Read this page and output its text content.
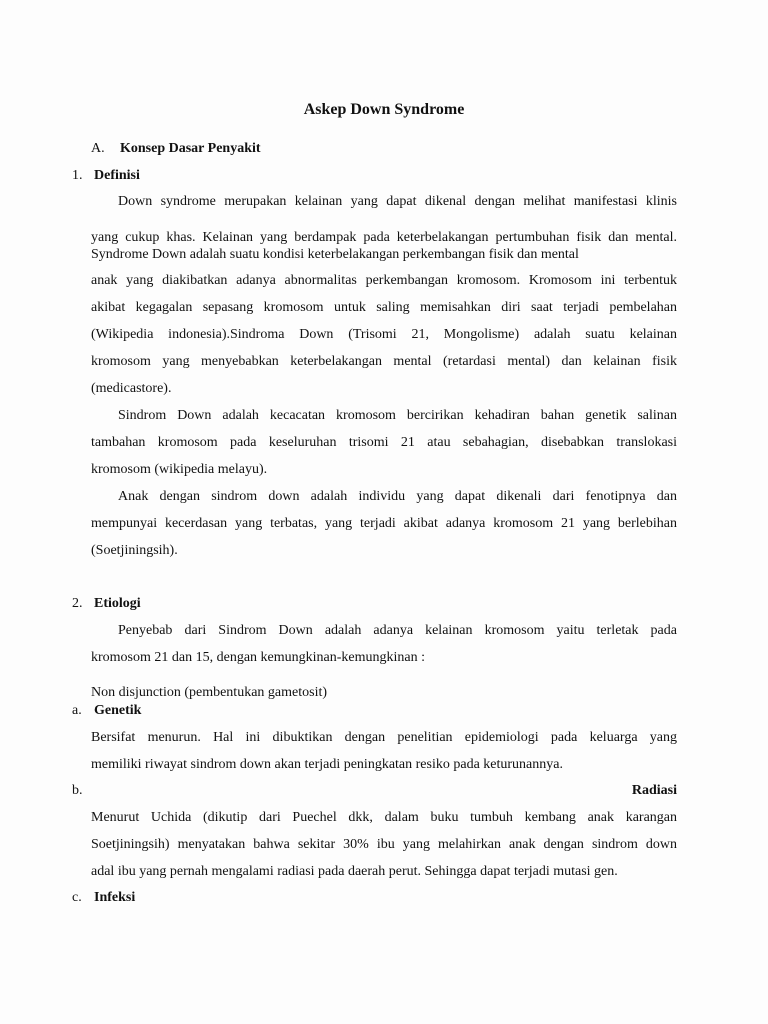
Askep Down Syndrome
A. Konsep Dasar Penyakit
1. Definisi
Down syndrome merupakan kelainan yang dapat dikenal dengan melihat manifestasi klinis
yang cukup khas. Kelainan yang berdampak pada keterbelakangan pertumbuhan fisik dan mental. Syndrome Down adalah suatu kondisi keterbelakangan perkembangan fisik dan mental
anak yang diakibatkan adanya abnormalitas perkembangan kromosom. Kromosom ini terbentuk
akibat kegagalan sepasang kromosom untuk saling memisahkan diri saat terjadi pembelahan
(Wikipedia indonesia).Sindroma Down (Trisomi 21, Mongolisme) adalah suatu kelainan
kromosom yang menyebabkan keterbelakangan mental (retardasi mental) dan kelainan fisik
(medicastore).
Sindrom Down adalah kecacatan kromosom bercirikan kehadiran bahan genetik salinan
tambahan kromosom pada keseluruhan trisomi 21 atau sebahagian, disebabkan translokasi
kromosom (wikipedia melayu).
Anak dengan sindrom down adalah individu yang dapat dikenali dari fenotipnya dan
mempunyai kecerdasan yang terbatas, yang terjadi akibat adanya kromosom 21 yang berlebihan
(Soetjiningsih).
2. Etiologi
Penyebab dari Sindrom Down adalah adanya kelainan kromosom yaitu terletak pada
kromosom 21 dan 15, dengan kemungkinan-kemungkinan :
Non disjunction (pembentukan gametosit)
a. Genetik
Bersifat menurun. Hal ini dibuktikan dengan penelitian epidemiologi pada keluarga yang
memiliki riwayat sindrom down akan terjadi peningkatan resiko pada keturunannya.
b.	Radiasi
Menurut Uchida (dikutip dari Puechel dkk, dalam buku tumbuh kembang anak karangan
Soetjiningsih) menyatakan bahwa sekitar 30% ibu yang melahirkan anak dengan sindrom down
adal ibu yang pernah mengalami radiasi pada daerah perut. Sehingga dapat terjadi mutasi gen.
c. Infeksi
